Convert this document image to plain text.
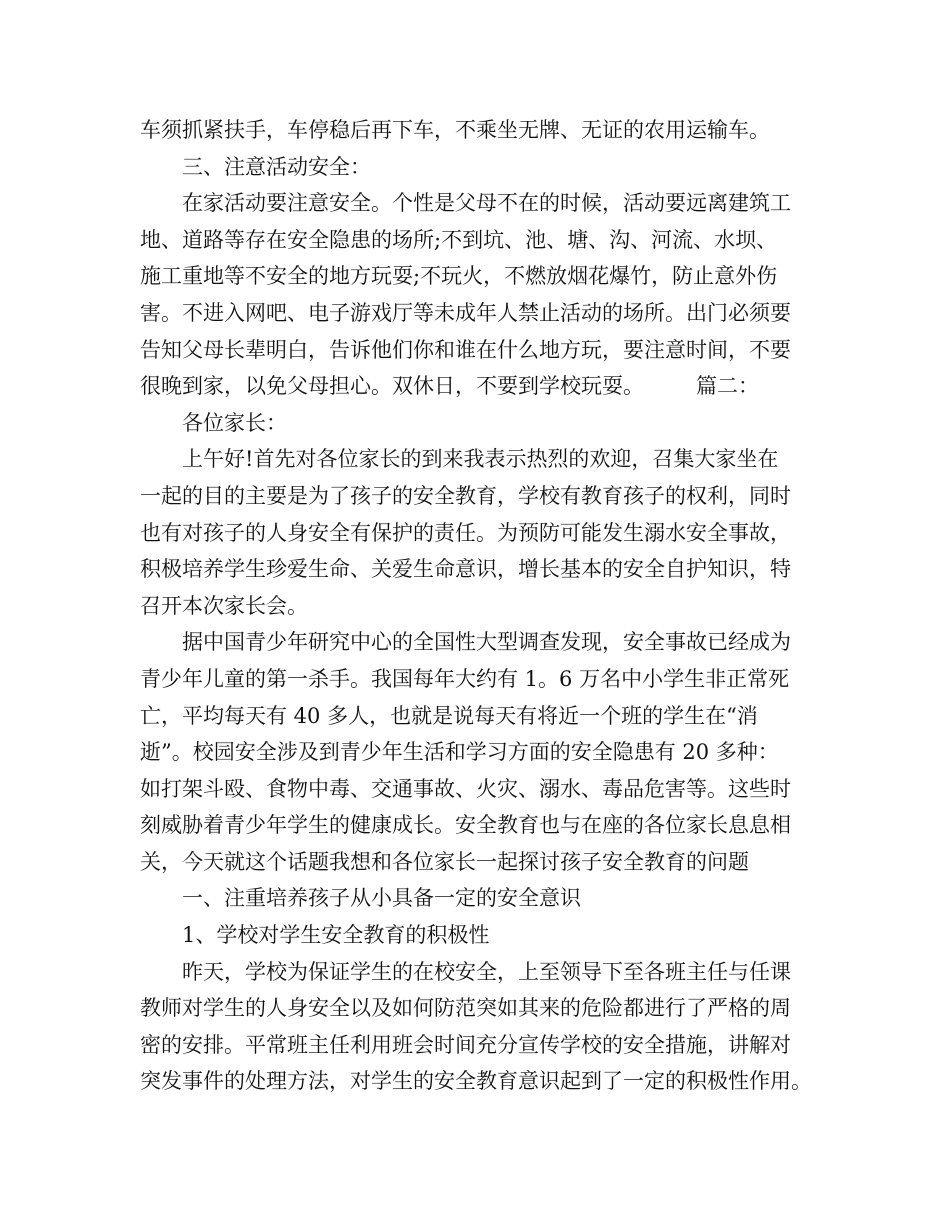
车须抓紧扶手，车停稳后再下车，不乘坐无牌、无证的农用运输车。
三、注意活动安全：
在家活动要注意安全。个性是父母不在的时候，活动要远离建筑工
地、道路等存在安全隐患的场所;不到坑、池、塘、沟、河流、水坝、
施工重地等不安全的地方玩耍;不玩火，不燃放烟花爆竹，防止意外伤
害。不进入网吧、电子游戏厅等未成年人禁止活动的场所。出门必须要
告知父母长辈明白，告诉他们你和谁在什么地方玩，要注意时间，不要
很晚到家，以免父母担心。双休日，不要到学校玩耍。 篇二：
各位家长：
上午好!首先对各位家长的到来我表示热烈的欢迎，召集大家坐在
一起的目的主要是为了孩子的安全教育，学校有教育孩子的权利，同时
也有对孩子的人身安全有保护的责任。为预防可能发生溺水安全事故，
积极培养学生珍爱生命、关爱生命意识，增长基本的安全自护知识，特
召开本次家长会。
据中国青少年研究中心的全国性大型调查发现，安全事故已经成为
青少年儿童的第一杀手。我国每年大约有 1。6 万名中小学生非正常死
亡，平均每天有 40 多人，也就是说每天有将近一个班的学生在“消
逝”。校园安全涉及到青少年生活和学习方面的安全隐患有 20 多种：
如打架斗殴、食物中毒、交通事故、火灾、溺水、毒品危害等。这些时
刻威胁着青少年学生的健康成长。安全教育也与在座的各位家长息息相
关，今天就这个话题我想和各位家长一起探讨孩子安全教育的问题
一、注重培养孩子从小具备一定的安全意识
1、学校对学生安全教育的积极性
昨天，学校为保证学生的在校安全，上至领导下至各班主任与任课
教师对学生的人身安全以及如何防范突如其来的危险都进行了严格的周
密的安排。平常班主任利用班会时间充分宣传学校的安全措施，讲解对
突发事件的处理方法，对学生的安全教育意识起到了一定的积极性作用。
